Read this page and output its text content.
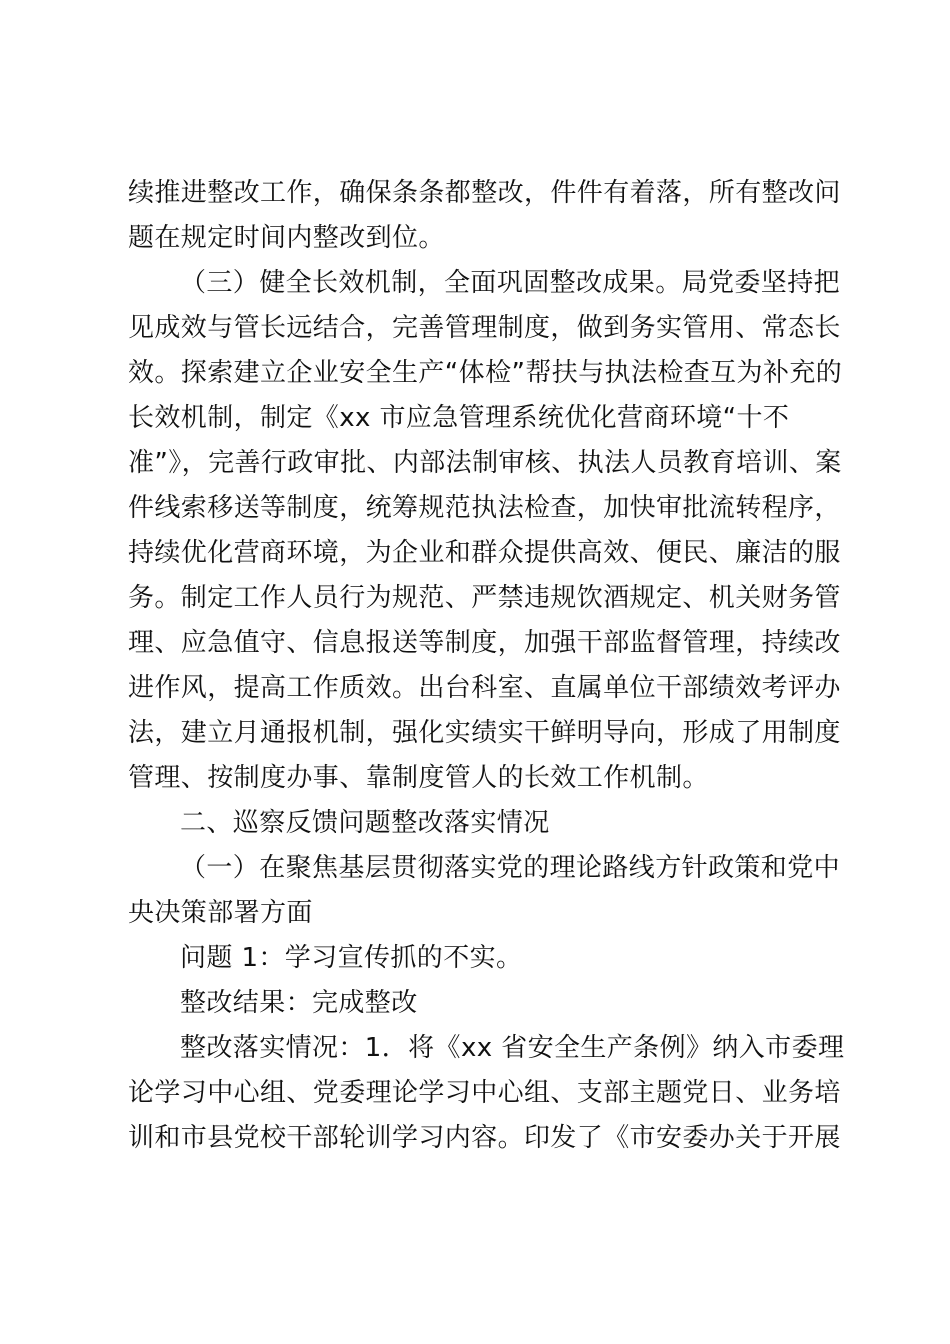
续推进整改工作，确保条条都整改，件件有着落，所有整改问
题在规定时间内整改到位。
（三）健全长效机制，全面巩固整改成果。局党委坚持把
见成效与管长远结合，完善管理制度，做到务实管用、常态长
效。探索建立企业安全生产“体检”帮扶与执法检查互为补充的
长效机制，制定《xx 市应急管理系统优化营商环境“十不
准”》，完善行政审批、内部法制审核、执法人员教育培训、案
件线索移送等制度，统筹规范执法检查，加快审批流转程序，
持续优化营商环境，为企业和群众提供高效、便民、廉洁的服
务。制定工作人员行为规范、严禁违规饮酒规定、机关财务管
理、应急值守、信息报送等制度，加强干部监督管理，持续改
进作风，提高工作质效。出台科室、直属单位干部绩效考评办
法，建立月通报机制，强化实绩实干鲜明导向，形成了用制度
管理、按制度办事、靠制度管人的长效工作机制。
二、巡察反馈问题整改落实情况
（一）在聚焦基层贯彻落实党的理论路线方针政策和党中
央决策部署方面
问题 1：学习宣传抓的不实。
整改结果：完成整改
整改落实情况：1．将《xx 省安全生产条例》纳入市委理
论学习中心组、党委理论学习中心组、支部主题党日、业务培
训和市县党校干部轮训学习内容。印发了《市安委办关于开展
